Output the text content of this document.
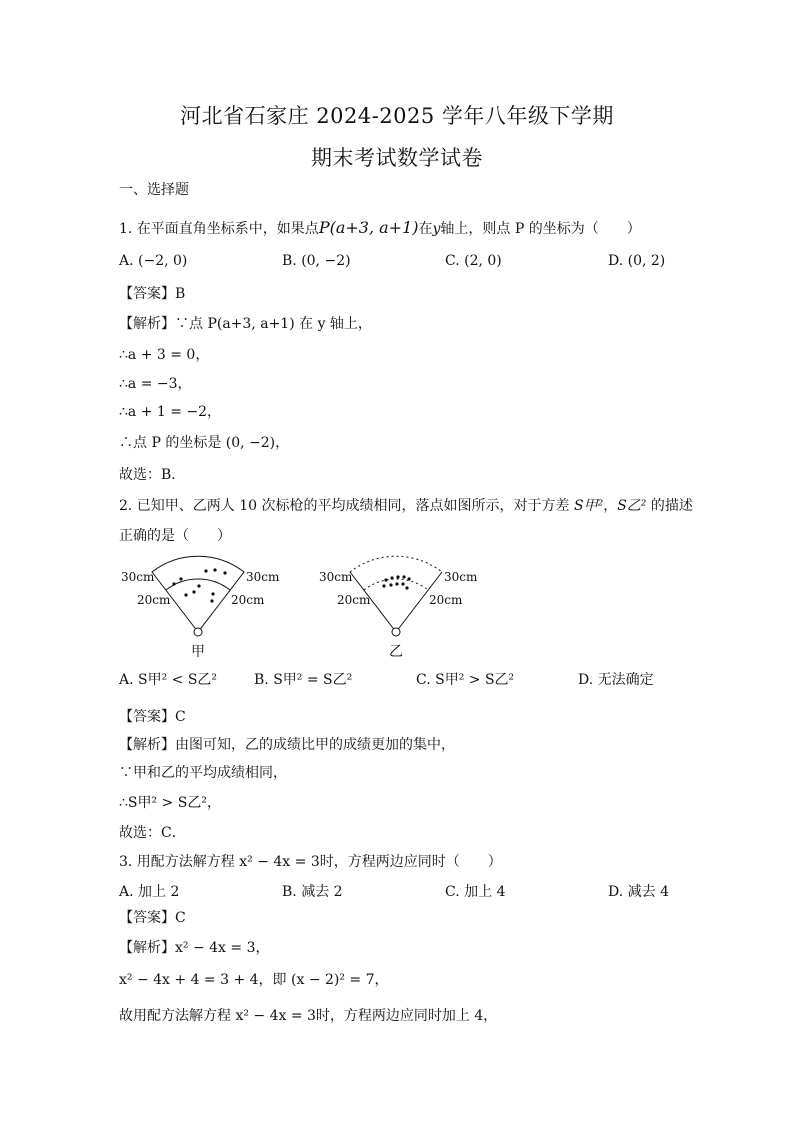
河北省石家庄 2024-2025 学年八年级下学期
期末考试数学试卷
一、选择题
1. 在平面直角坐标系中，如果点P(a+3, a+1)在y轴上，则点 P 的坐标为（　　）
A. (−2, 0)	B. (0, −2)	C. (2, 0)	D. (0, 2)
【答案】B
【解析】∵点 P(a+3, a+1) 在 y 轴上，
∴a + 3 = 0，
∴a = −3，
∴a + 1 = −2，
∴点 P 的坐标是 (0, −2)，
故选：B．
2. 已知甲、乙两人 10 次标枪的平均成绩相同，落点如图所示，对于方差 S甲²，S乙² 的描述
正确的是（　　）
30cm	30cm
20cm	20cm
甲
30cm	30cm
20cm	20cm
乙
A. S甲² < S乙²	B. S甲² = S乙²	C. S甲² > S乙²	D. 无法确定
【答案】C
【解析】由图可知，乙的成绩比甲的成绩更加的集中，
∵甲和乙的平均成绩相同，
∴S甲² > S乙²，
故选：C．
3. 用配方法解方程 x² − 4x = 3时，方程两边应同时（　　）
A. 加上 2	B. 减去 2	C. 加上 4	D. 减去 4
【答案】C
【解析】x² − 4x = 3，
x² − 4x + 4 = 3 + 4，即 (x − 2)² = 7，
故用配方法解方程 x² − 4x = 3时，方程两边应同时加上 4，
